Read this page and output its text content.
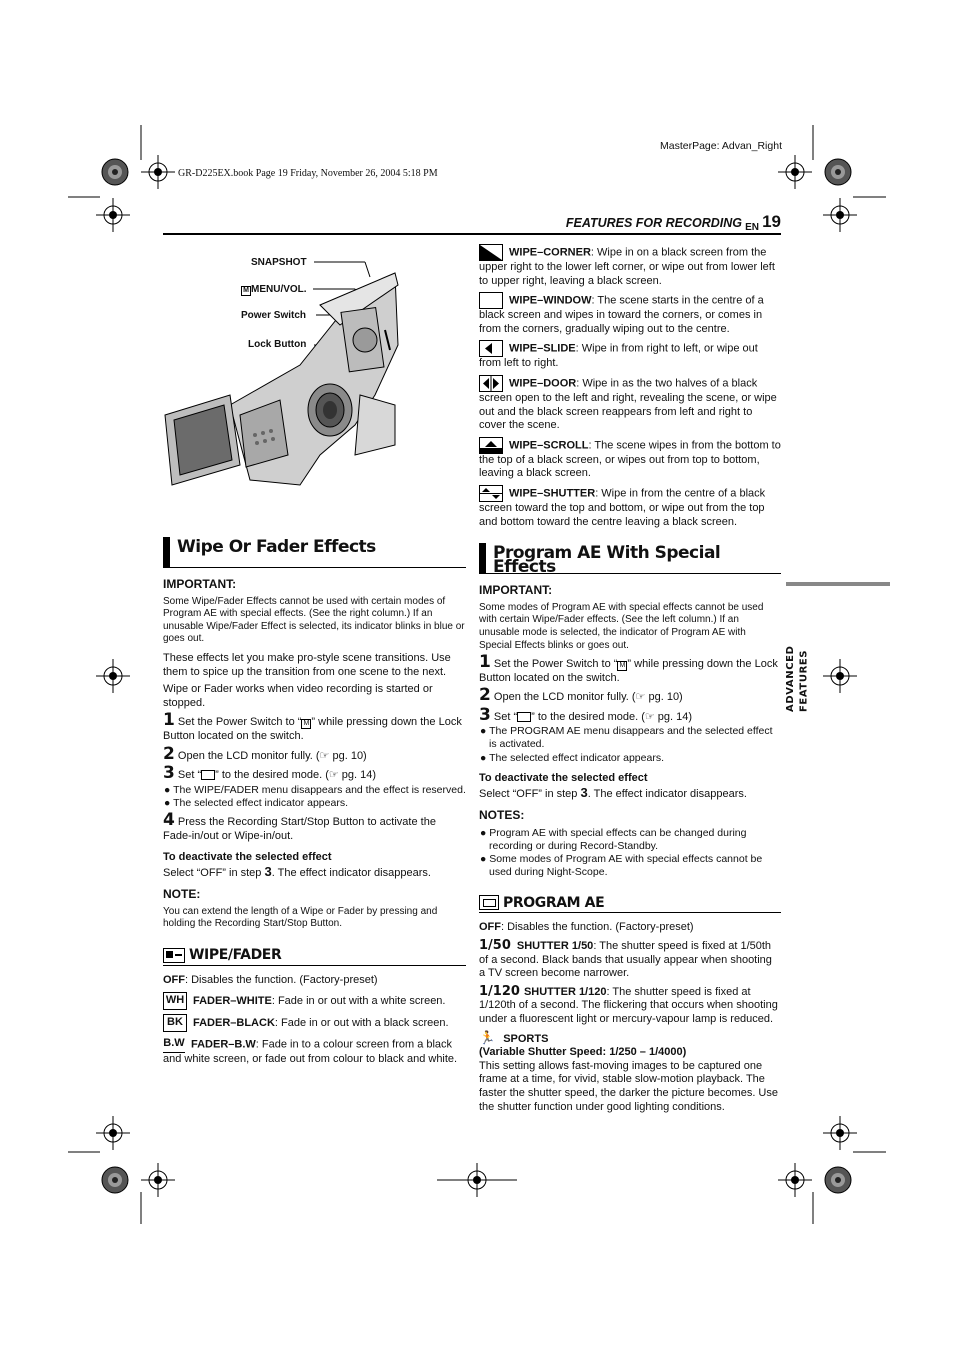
MasterPage: Advan_Right
GR-D225EX.book Page 19 Friday, November 26, 2004 5:18 PM
FEATURES FOR RECORDING EN 19
ADVANCED FEATURES
SNAPSHOT
M MENU/VOL.
Power Switch
Lock Button
Wipe Or Fader Effects

IMPORTANT:

Some Wipe/Fader Effects cannot be used with certain modes of Program AE with special effects. (See the right column.) If an unusable Wipe/Fader Effect is selected, its indicator blinks in blue or goes out.

These effects let you make pro-style scene transitions. Use them to spice up the transition from one scene to the next.

Wipe or Fader works when video recording is started or stopped.

1 Set the Power Switch to “ M ” while pressing down the Lock Button located on the switch.

2 Open the LCD monitor fully. (☞ pg. 10)

3 Set “ ” to the desired mode. (☞ pg. 14)

● The WIPE/FADER menu disappears and the effect is reserved.

● The selected effect indicator appears.

4 Press the Recording Start/Stop Button to activate the Fade-in/out or Wipe-in/out.

To deactivate the selected effect

Select “OFF” in step 3. The effect indicator disappears.

NOTE:

You can extend the length of a Wipe or Fader by pressing and holding the Recording Start/Stop Button.

WIPE/FADER

OFF: Disables the function. (Factory-preset)

WH FADER–WHITE: Fade in or out with a white screen.

BK FADER–BLACK: Fade in or out with a black screen.

B.W FADER–B.W: Fade in to a colour screen from a black and white screen, or fade out from colour to black and white.

WIPE–CORNER: Wipe in on a black screen from the upper right to the lower left corner, or wipe out from lower left to upper right, leaving a black screen.

WIPE–WINDOW: The scene starts in the centre of a black screen and wipes in toward the corners, or comes in from the corners, gradually wiping out to the centre.

WIPE–SLIDE: Wipe in from right to left, or wipe out from left to right.

WIPE–DOOR: Wipe in as the two halves of a black screen open to the left and right, revealing the scene, or wipe out and the black screen reappears from left and right to cover the scene.

WIPE–SCROLL: The scene wipes in from the bottom to the top of a black screen, or wipes out from top to bottom, leaving a black screen.

WIPE–SHUTTER: Wipe in from the centre of a black screen toward the top and bottom, or wipe out from the top and bottom toward the centre leaving a black screen.

Program AE With Special Effects

IMPORTANT:

Some modes of Program AE with special effects cannot be used with certain Wipe/Fader effects. (See the left column.) If an unusable mode is selected, the indicator of Program AE with Special Effects blinks or goes out.

1 Set the Power Switch to “ M ” while pressing down the Lock Button located on the switch.

2 Open the LCD monitor fully. (☞ pg. 10)

3 Set “ ” to the desired mode. (☞ pg. 14)

● The PROGRAM AE menu disappears and the selected effect is activated.

● The selected effect indicator appears.

To deactivate the selected effect

Select “OFF” in step 3. The effect indicator disappears.

NOTES:

● Program AE with special effects can be changed during recording or during Record-Standby.

● Some modes of Program AE with special effects cannot be used during Night-Scope.

PROGRAM AE

OFF: Disables the function. (Factory-preset)

1/50 SHUTTER 1/50: The shutter speed is fixed at 1/50th of a second. Black bands that usually appear when shooting a TV screen become narrower.

1/120 SHUTTER 1/120: The shutter speed is fixed at 1/120th of a second. The flickering that occurs when shooting under a fluorescent light or mercury-vapour lamp is reduced.

🏃 SPORTS

(Variable Shutter Speed: 1/250 – 1/4000)

This setting allows fast-moving images to be captured one frame at a time, for vivid, stable slow-motion playback. The faster the shutter speed, the darker the picture becomes. Use the shutter function under good lighting conditions.
